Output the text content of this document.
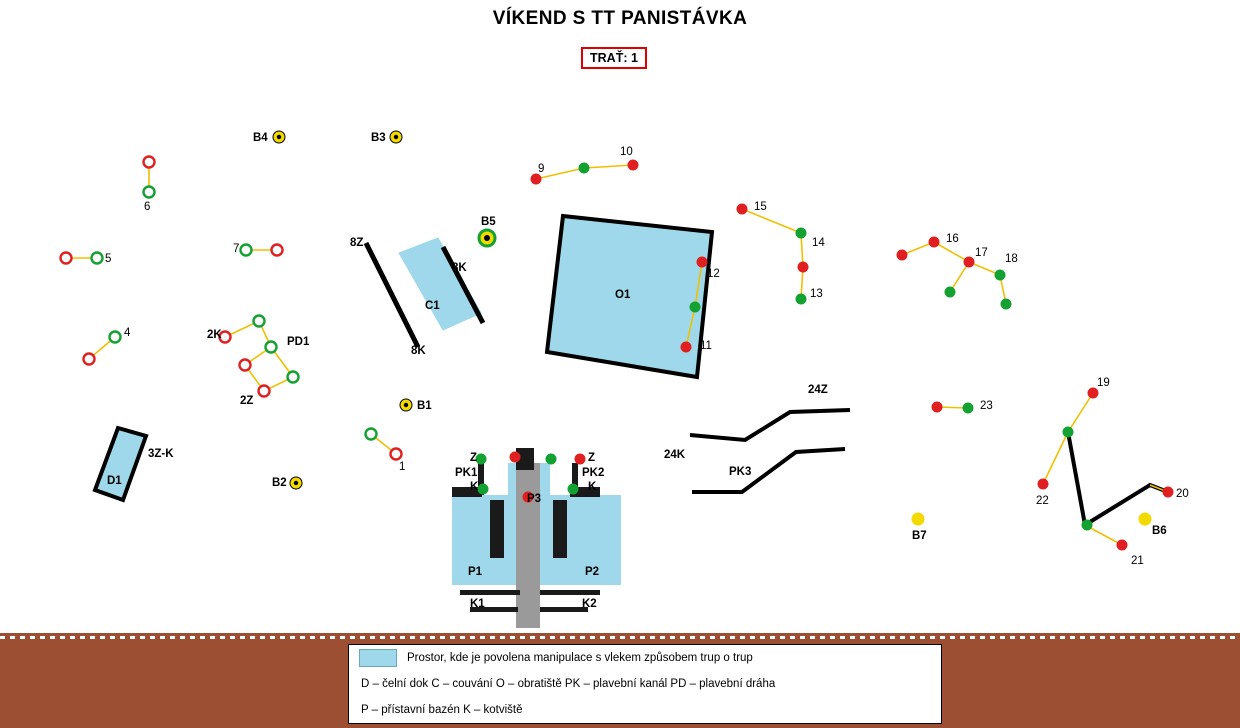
VÍKEND S TT PANISTÁVKA
TRAŤ: 1
B4	B3
B5
B1
B2
B7	B6
1
4
5
6
7
9
10
11
12
13
14
15
16
17 18
19
20
21
22
23
2K
2Z
PD1
8Z
8K
8K
3Z-K
24Z
24K
PK1	PK2
Z	Z
K	K
K1	K2
P1	P2
P3
C1
O1
D1
PK3
Prostor, kde je povolena manipulace s vlekem způsobem trup o trup
D – čelní dok C – couvání O – obratiště PK – plavební kanál PD – plavební dráha
P – přístavní bazén K – kotviště
